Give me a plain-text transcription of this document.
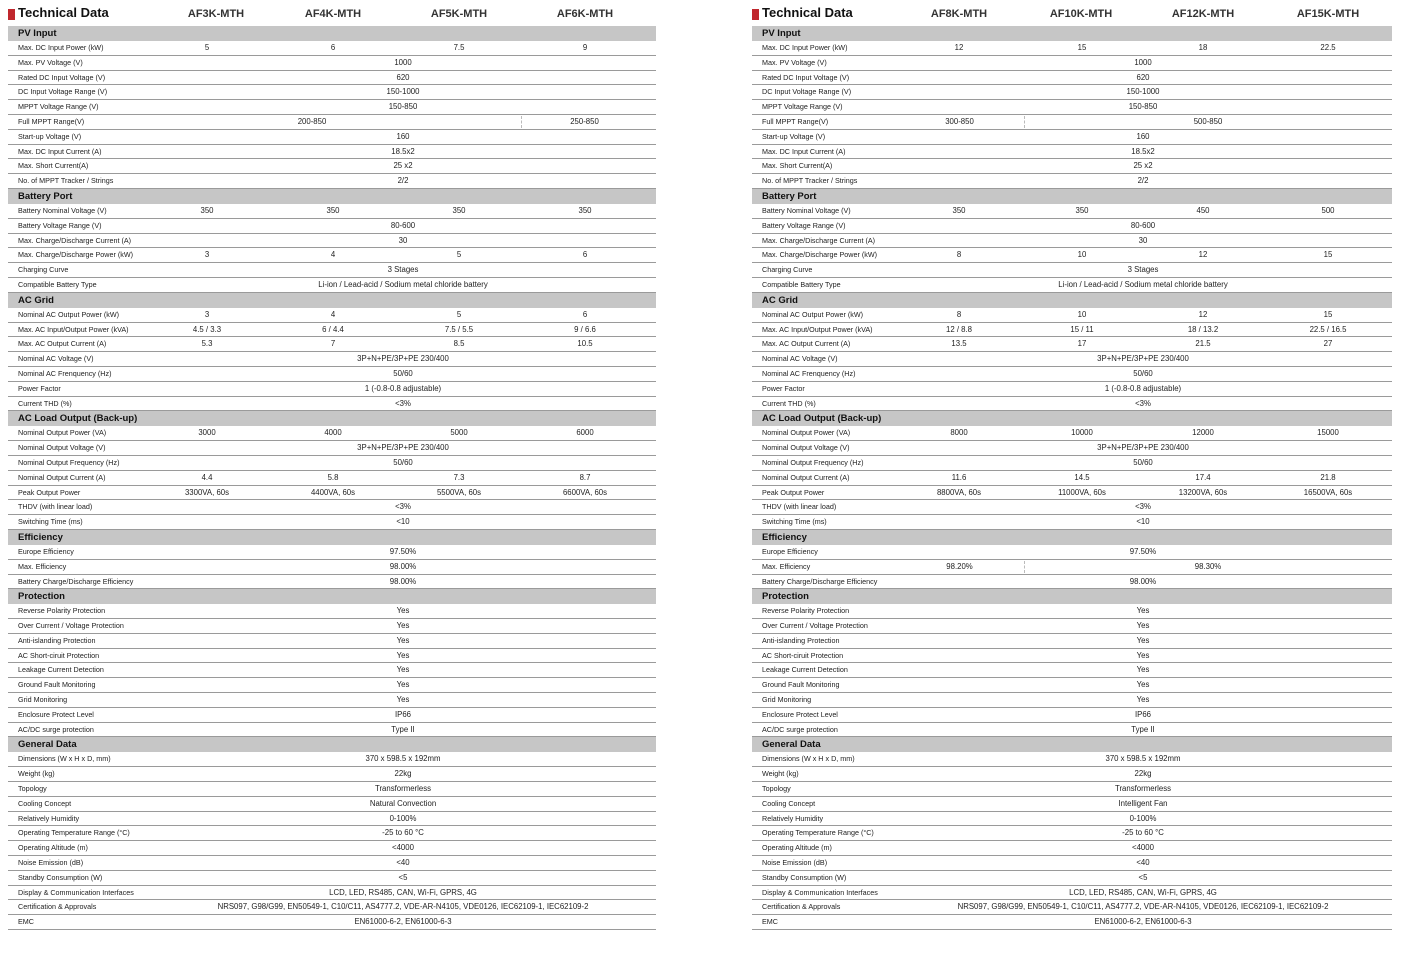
Technical Data	AF3K-MTH	AF4K-MTH	AF5K-MTH	AF6K-MTH
PV Input
Max. DC Input Power (kW)	5	6	7.5	9
Max. PV Voltage (V)	1000
Rated DC Input Voltage (V)	620
DC Input Voltage Range (V)	150-1000
MPPT Voltage Range (V)	150-850
Full MPPT Range(V)	200-850	250-850
Start-up Voltage (V)	160
Max. DC Input Current (A)	18.5x2
Max. Short Current(A)	25 x2
No. of MPPT Tracker / Strings	2/2
Battery Port
Battery Nominal Voltage (V)	350	350	350	350
Battery Voltage Range (V)	80-600
Max. Charge/Discharge Current (A)	30
Max. Charge/Discharge Power (kW)	3	4	5	6
Charging Curve	3 Stages
Compatible Battery Type	Li-ion / Lead-acid / Sodium metal chloride battery
AC Grid
Nominal AC Output Power (kW)	3	4	5	6
Max. AC Input/Output Power (kVA)	4.5 / 3.3	6 / 4.4	7.5 / 5.5	9 / 6.6
Max. AC Output Current (A)	5.3	7	8.5	10.5
Nominal AC Voltage (V)	3P+N+PE/3P+PE 230/400
Nominal AC Frenquency (Hz)	50/60
Power Factor	1 (-0.8-0.8 adjustable)
Current THD (%)	<3%
AC Load Output (Back-up)
Nominal Output Power (VA)	3000	4000	5000	6000
Nominal Output Voltage (V)	3P+N+PE/3P+PE 230/400
Nominal Output Frequency (Hz)	50/60
Nominal Output Current (A)	4.4	5.8	7.3	8.7
Peak Output Power	3300VA, 60s	4400VA, 60s	5500VA, 60s	6600VA, 60s
THDV (with linear load)	<3%
Switching Time (ms)	<10
Efficiency
Europe Efficiency	97.50%
Max. Efficiency	98.00%
Battery Charge/Discharge Efficiency	98.00%
Protection
Reverse Polarity Protection	Yes
Over Current / Voltage Protection	Yes
Anti-islanding Protection	Yes
AC Short-ciruit Protection	Yes
Leakage Current Detection	Yes
Ground Fault Monitoring	Yes
Grid Monitoring	Yes
Enclosure Protect Level	IP66
AC/DC surge protection	Type II
General Data
Dimensions (W x H x D, mm)	370 x 598.5 x 192mm
Weight (kg)	22kg
Topology	Transformerless
Cooling Concept	Natural Convection
Relatively Humidity	0-100%
Operating Temperature Range (°C)	-25 to 60 °C
Operating Altitude (m)	<4000
Noise Emission (dB)	<40
Standby Consumption (W)	<5
Display & Communication Interfaces	LCD, LED, RS485, CAN, Wi-Fi, GPRS, 4G
Certification & Approvals	NRS097, G98/G99, EN50549-1, C10/C11, AS4777.2, VDE-AR-N4105, VDE0126, IEC62109-1, IEC62109-2
EMC	EN61000-6-2, EN61000-6-3
Technical Data	AF8K-MTH	AF10K-MTH	AF12K-MTH	AF15K-MTH
PV Input
Max. DC Input Power (kW)	12	15	18	22.5
Max. PV Voltage (V)	1000
Rated DC Input Voltage (V)	620
DC Input Voltage Range (V)	150-1000
MPPT Voltage Range (V)	150-850
Full MPPT Range(V)	300-850	500-850
Start-up Voltage (V)	160
Max. DC Input Current (A)	18.5x2
Max. Short Current(A)	25 x2
No. of MPPT Tracker / Strings	2/2
Battery Port
Battery Nominal Voltage (V)	350	350	450	500
Battery Voltage Range (V)	80-600
Max. Charge/Discharge Current (A)	30
Max. Charge/Discharge Power (kW)	8	10	12	15
Charging Curve	3 Stages
Compatible Battery Type	Li-ion / Lead-acid / Sodium metal chloride battery
AC Grid
Nominal AC Output Power (kW)	8	10	12	15
Max. AC Input/Output Power (kVA)	12 / 8.8	15 / 11	18 / 13.2	22.5 / 16.5
Max. AC Output Current (A)	13.5	17	21.5	27
Nominal AC Voltage (V)	3P+N+PE/3P+PE 230/400
Nominal AC Frenquency (Hz)	50/60
Power Factor	1 (-0.8-0.8 adjustable)
Current THD (%)	<3%
AC Load Output (Back-up)
Nominal Output Power (VA)	8000	10000	12000	15000
Nominal Output Voltage (V)	3P+N+PE/3P+PE 230/400
Nominal Output Frequency (Hz)	50/60
Nominal Output Current (A)	11.6	14.5	17.4	21.8
Peak Output Power	8800VA, 60s	11000VA, 60s	13200VA, 60s	16500VA, 60s
THDV (with linear load)	<3%
Switching Time (ms)	<10
Efficiency
Europe Efficiency	97.50%
Max. Efficiency	98.20%	98.30%
Battery Charge/Discharge Efficiency	98.00%
Protection
Reverse Polarity Protection	Yes
Over Current / Voltage Protection	Yes
Anti-islanding Protection	Yes
AC Short-ciruit Protection	Yes
Leakage Current Detection	Yes
Ground Fault Monitoring	Yes
Grid Monitoring	Yes
Enclosure Protect Level	IP66
AC/DC surge protection	Type II
General Data
Dimensions (W x H x D, mm)	370 x 598.5 x 192mm
Weight (kg)	22kg
Topology	Transformerless
Cooling Concept	Intelligent Fan
Relatively Humidity	0-100%
Operating Temperature Range (°C)	-25 to 60 °C
Operating Altitude (m)	<4000
Noise Emission (dB)	<40
Standby Consumption (W)	<5
Display & Communication Interfaces	LCD, LED, RS485, CAN, Wi-Fi, GPRS, 4G
Certification & Approvals	NRS097, G98/G99, EN50549-1, C10/C11, AS4777.2, VDE-AR-N4105, VDE0126, IEC62109-1, IEC62109-2
EMC	EN61000-6-2, EN61000-6-3
